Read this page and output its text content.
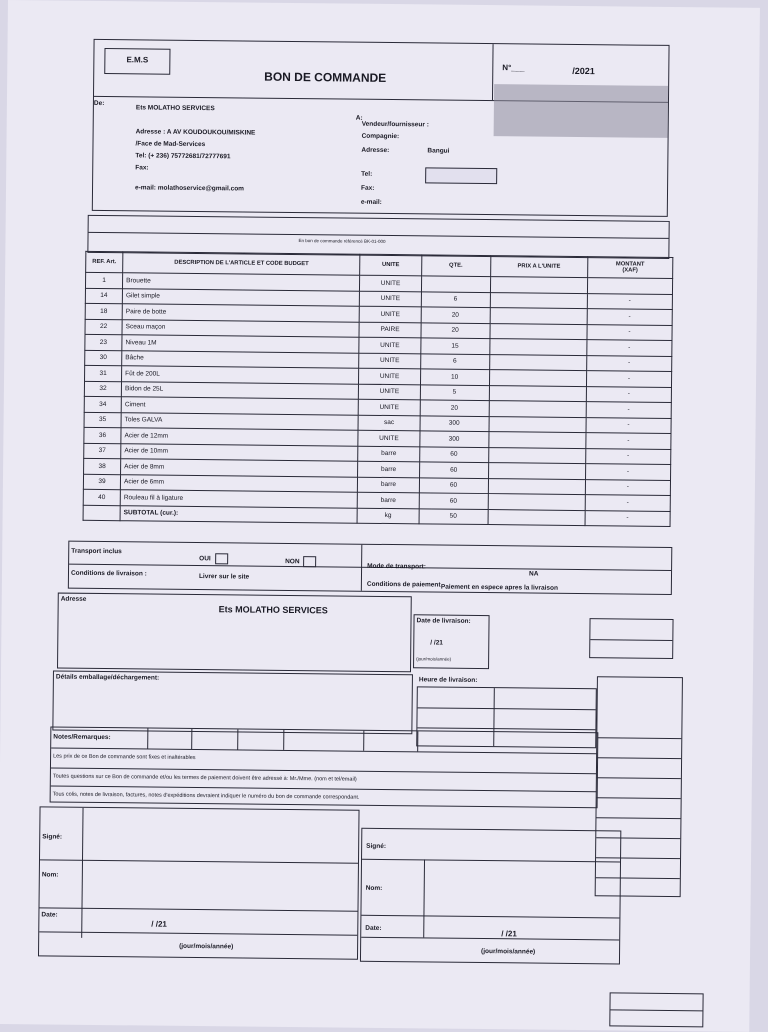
E.M.S
BON DE COMMANDE
N°___	/2021
De:
Ets MOLATHO SERVICES
Adresse : A AV KOUDOUKOU/MISKINE
/Face de Mad-Services
Tel: (+ 236) 75772681/72777691
Fax:
e-mail: molathoservice@gmail.com
A:
Vendeur/fournisseur :
Compagnie:
Adresse:	Bangui
Tel:
Fax:
e-mail:
En bon de commande référencé BK-01-000
REF. Art.	DESCRIPTION DE L'ARTICLE ET CODE BUDGET	UNITE	QTE.	PRIX A L'UNITE	MONTANT
(XAF)

1	Brouette	UNITE			
14	Gilet simple	UNITE	6		-
18	Paire de botte	UNITE	20		-
22	Sceau maçon	PAIRE	20		-
23	Niveau 1M	UNITE	15		-
30	Bâche	UNITE	6		-
31	Fût de 200L	UNITE	10		-
32	Bidon de 25L	UNITE	5		-
34	Ciment	UNITE	20		-
35	Toles GALVA	sac	300		-
36	Acier de 12mm	UNITE	300		-
37	Acier de 10mm	barre	60		-
38	Acier de 8mm	barre	60		-
39	Acier de 6mm	barre	60		-
40	Rouleau fil à ligature	barre	60		-
	SUBTOTAL (cur.):	kg	50		-
Transport inclus
OUI	NON
Conditions de livraison :	Livrer sur le site
Mode de transport:
NA
Conditions de paiement Paiement en espece apres la livraison
Adresse
Ets MOLATHO SERVICES
Date de livraison:
/ /21
(jour/mois/année)
Détails emballage/déchargement:	Heure de livraison:
Notes/Remarques:
Les prix de ce Bon de commande sont fixes et inaltérables
Toutes questions sur ce Bon de commande et/ou les termes de paiement doivent être adressé à: Mr./Mme. (nom et tel/email)
Tous colis, notes de livraison, factures, notes d'expéditions devraient indiquer le numéro du bon de commande correspondant.
Signé:
Nom:
Date:
/ /21
(jour/mois/année)
Signé:
Nom:
Date:
/ /21
(jour/mois/année)
